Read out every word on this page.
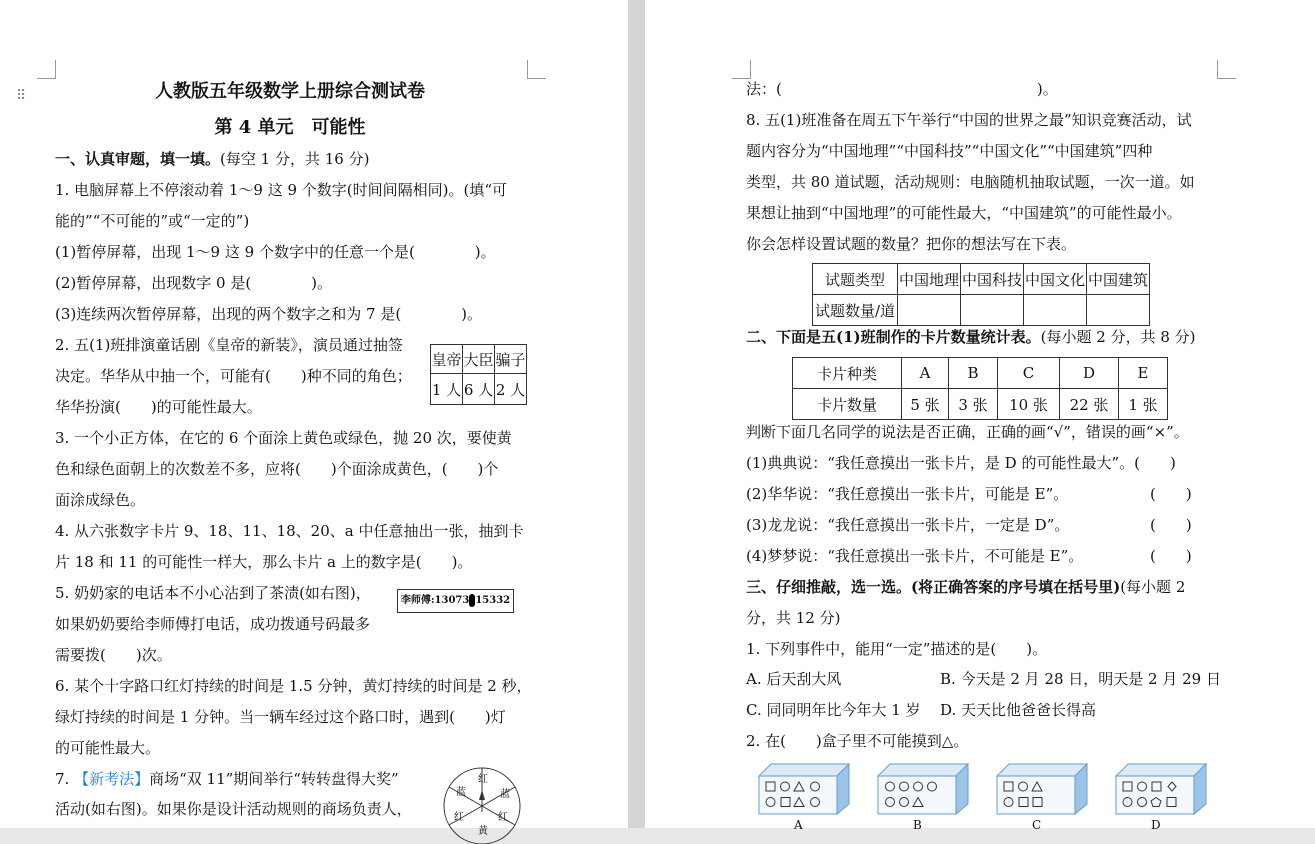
⠿	人教版五年级数学上册综合测试卷
第 4 单元　可能性
一、认真审题，填一填。(每空 1 分，共 16 分)
1. 电脑屏幕上不停滚动着 1～9 这 9 个数字(时间间隔相同)。(填“可
能的”“不可能的”或“一定的”)
(1)暂停屏幕，出现 1～9 这 9 个数字中的任意一个是(　　　　)。
(2)暂停屏幕，出现数字 0 是(　　　　)。
(3)连续两次暂停屏幕，出现的两个数字之和为 7 是(　　　　)。
2. 五(1)班排演童话剧《皇帝的新装》，演员通过抽签
决定。华华从中抽一个，可能有(　　)种不同的角色；
华华扮演(　　)的可能性最大。
皇帝	大臣	骗子
1 人	6 人	2 人
3. 一个小正方体，在它的 6 个面涂上黄色或绿色，抛 20 次，要使黄
色和绿色面朝上的次数差不多，应将(　　)个面涂成黄色，(　　)个
面涂成绿色。
4. 从六张数字卡片 9、18、11、18、20、a 中任意抽出一张，抽到卡
片 18 和 11 的可能性一样大，那么卡片 a 上的数字是(　　)。
5. 奶奶家的电话本不小心沾到了茶渍(如右图)，
如果奶奶要给李师傅打电话，成功拨通号码最多
需要拨(　　)次。
李师傅:13073 15332
6. 某个十字路口红灯持续的时间是 1.5 分钟，黄灯持续的时间是 2 秒，
绿灯持续的时间是 1 分钟。当一辆车经过这个路口时，遇到(　　)灯
的可能性最大。
7. 【新考法】商场“双 11”期间举行“转转盘得大奖”
活动(如右图)。如果你是设计活动规则的商场负责人，
红
蓝	蓝
红	红
黄
法：(　　　　　　　　　　　　　　　　　)。
8. 五(1)班准备在周五下午举行“中国的世界之最”知识竞赛活动，试
题内容分为“中国地理”“中国科技”“中国文化”“中国建筑”四种
类型，共 80 道试题，活动规则：电脑随机抽取试题，一次一道。如
果想让抽到“中国地理”的可能性最大，“中国建筑”的可能性最小。
你会怎样设置试题的数量？把你的想法写在下表。
试题类型	中国地理	中国科技	中国文化	中国建筑
试题数量/道				
二、下面是五(1)班制作的卡片数量统计表。(每小题 2 分，共 8 分)
卡片种类	A	B	C	D	E
卡片数量	5 张	3 张	10 张	22 张	1 张
判断下面几名同学的说法是否正确，正确的画“√”，错误的画“×”。
(1)典典说：“我任意摸出一张卡片，是 D 的可能性最大”。(　　)
(2)华华说：“我任意摸出一张卡片，可能是 E”。	(　　)
(3)龙龙说：“我任意摸出一张卡片，一定是 D”。	(　　)
(4)梦梦说：“我任意摸出一张卡片，不可能是 E”。	(　　)
三、仔细推敲，选一选。(将正确答案的序号填在括号里)(每小题 2
分，共 12 分)
1. 下列事件中，能用“一定”描述的是(　　)。
A. 后天刮大风	B. 今天是 2 月 28 日，明天是 2 月 29 日
C. 同同明年比今年大 1 岁 D. 天天比他爸爸长得高
2. 在(　　)盒子里不可能摸到△。
A	B	C	D
